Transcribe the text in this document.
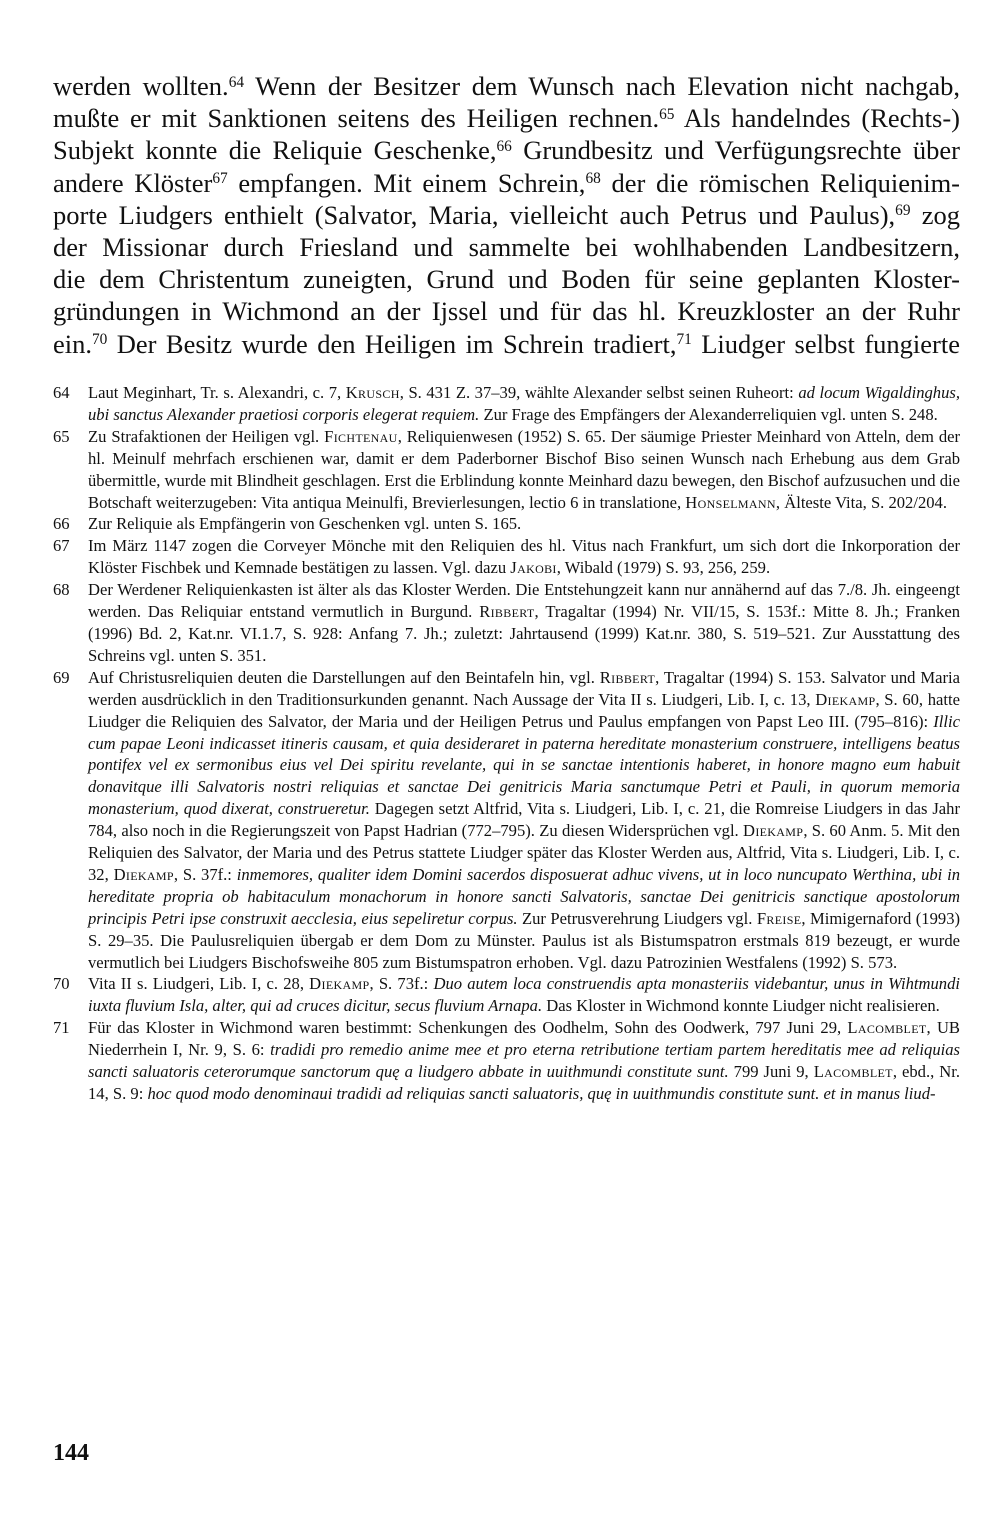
werden wollten.$^{64}$ Wenn der Besitzer dem Wunsch nach Elevation nicht nachgab,
mußte er mit Sanktionen seitens des Heiligen rechnen.$^{65}$ Als handelndes (Rechts-)
Subjekt konnte die Reliquie Geschenke,$^{66}$ Grundbesitz und Verfügungsrechte über
andere Klöster$^{67}$ empfangen. Mit einem Schrein,$^{68}$ der die römischen Reliquienim-
porte Liudgers enthielt (Salvator, Maria, vielleicht auch Petrus und Paulus),$^{69}$ zog
der Missionar durch Friesland und sammelte bei wohlhabenden Landbesitzern,
die dem Christentum zuneigten, Grund und Boden für seine geplanten Kloster-
gründungen in Wichmond an der Ijssel und für das hl. Kreuzkloster an der Ruhr
ein.$^{70}$ Der Besitz wurde den Heiligen im Schrein tradiert,$^{71}$ Liudger selbst fungierte
64	Laut Meginhart, Tr. s. Alexandri, c. 7, Krusch, S. 431 Z. 37–39, wählte Alexander selbst seinen Ruheort: ad locum Wigaldinghus, ubi sanctus Alexander praetiosi corporis elegerat requiem. Zur Frage des Empfängers der Alexanderreliquien vgl. unten S. 248.
65	Zu Strafaktionen der Heiligen vgl. Fichtenau, Reliquienwesen (1952) S. 65. Der säumige Priester Meinhard von Atteln, dem der hl. Meinulf mehrfach erschienen war, damit er dem Paderborner Bischof Biso seinen Wunsch nach Erhebung aus dem Grab übermittle, wurde mit Blindheit geschlagen. Erst die Erblindung konnte Meinhard dazu bewegen, den Bischof aufzusuchen und die Botschaft weiterzugeben: Vita antiqua Meinulfi, Brevierlesungen, lectio 6 in translatione, Honselmann, Älteste Vita, S. 202/204.
66	Zur Reliquie als Empfängerin von Geschenken vgl. unten S. 165.
67	Im März 1147 zogen die Corveyer Mönche mit den Reliquien des hl. Vitus nach Frankfurt, um sich dort die Inkorporation der Klöster Fischbek und Kemnade bestätigen zu lassen. Vgl. dazu Jakobi, Wibald (1979) S. 93, 256, 259.
68	Der Werdener Reliquienkasten ist älter als das Kloster Werden. Die Entstehungzeit kann nur annähernd auf das 7./8. Jh. eingeengt werden. Das Reliquiar entstand vermutlich in Burgund. Ribbert, Tragaltar (1994) Nr. VII/15, S. 153f.: Mitte 8. Jh.; Franken (1996) Bd. 2, Kat.nr. VI.1.7, S. 928: Anfang 7. Jh.; zuletzt: Jahrtausend (1999) Kat.nr. 380, S. 519–521. Zur Ausstattung des Schreins vgl. unten S. 351.
69	Auf Christusreliquien deuten die Darstellungen auf den Beintafeln hin, vgl. Ribbert, Tragaltar (1994) S. 153. Salvator und Maria werden ausdrücklich in den Traditionsurkunden genannt. Nach Aussage der Vita II s. Liudgeri, Lib. I, c. 13, Diekamp, S. 60, hatte Liudger die Reliquien des Salvator, der Maria und der Heiligen Petrus und Paulus empfangen von Papst Leo III. (795–816): Illic cum papae Leoni indicasset itineris causam, et quia desideraret in paterna hereditate monasterium construere, intelligens beatus pontifex vel ex sermonibus eius vel Dei spiritu revelante, qui in se sanctae intentionis haberet, in honore magno eum habuit donavitque illi Salvatoris nostri reliquias et sanctae Dei genitricis Maria sanctumque Petri et Pauli, in quorum memoria monasterium, quod dixerat, construeretur. Dagegen setzt Altfrid, Vita s. Liudgeri, Lib. I, c. 21, die Romreise Liudgers in das Jahr 784, also noch in die Regierungszeit von Papst Hadrian (772–795). Zu diesen Widersprüchen vgl. Diekamp, S. 60 Anm. 5. Mit den Reliquien des Salvator, der Maria und des Petrus stattete Liudger später das Kloster Werden aus, Altfrid, Vita s. Liudgeri, Lib. I, c. 32, Diekamp, S. 37f.: inmemores, qualiter idem Domini sacerdos disposuerat adhuc vivens, ut in loco nuncupato Werthina, ubi in hereditate propria ob habitaculum monachorum in honore sancti Salvatoris, sanctae Dei genitricis sanctique apostolorum principis Petri ipse construxit aecclesia, eius sepeliretur corpus. Zur Petrusverehrung Liudgers vgl. Freise, Mimigernaford (1993) S. 29–35. Die Paulusreliquien übergab er dem Dom zu Münster. Paulus ist als Bistumspatron erstmals 819 bezeugt, er wurde vermutlich bei Liudgers Bischofsweihe 805 zum Bistumspatron erhoben. Vgl. dazu Patrozinien Westfalens (1992) S. 573.
70	Vita II s. Liudgeri, Lib. I, c. 28, Diekamp, S. 73f.: Duo autem loca construendis apta monasteriis videbantur, unus in Wihtmundi iuxta fluvium Isla, alter, qui ad cruces dicitur, secus fluvium Arnapa. Das Kloster in Wichmond konnte Liudger nicht realisieren.
71	Für das Kloster in Wichmond waren bestimmt: Schenkungen des Oodhelm, Sohn des Oodwerk, 797 Juni 29, Lacomblet, UB Niederrhein I, Nr. 9, S. 6: tradidi pro remedio anime mee et pro eterna retributione tertiam partem hereditatis mee ad reliquias sancti saluatoris ceterorumque sanctorum quę a liudgero abbate in uuithmundi constitute sunt. 799 Juni 9, Lacomblet, ebd., Nr. 14, S. 9: hoc quod modo denominaui tradidi ad reliquias sancti saluatoris, quę in uuithmundis constitute sunt. et in manus liud-
144
